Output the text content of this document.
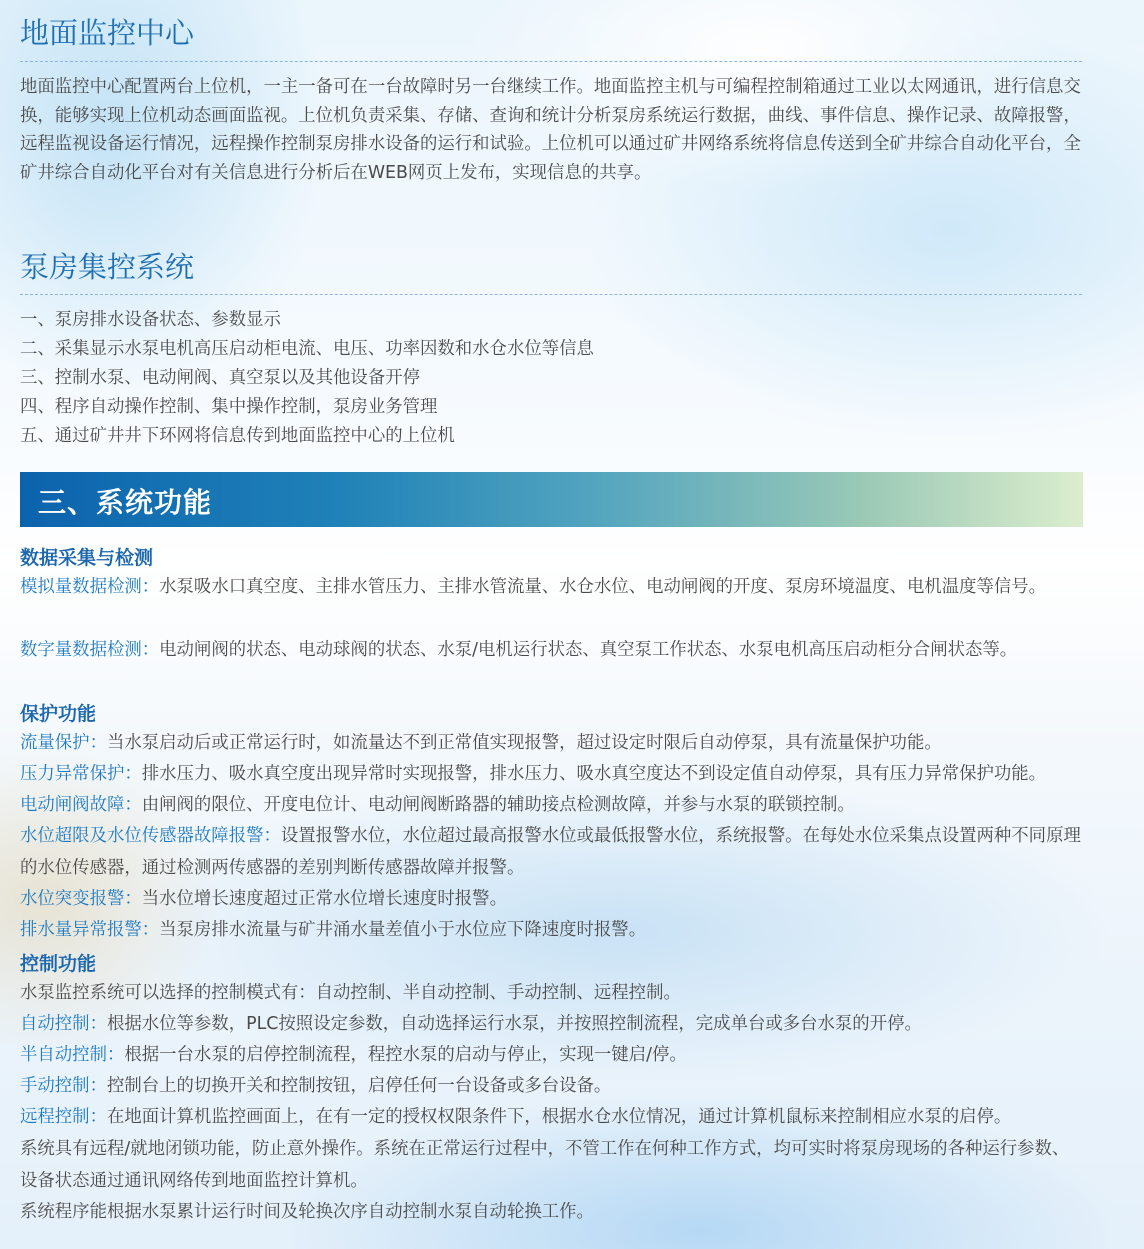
地面监控中心

地面监控中心配置两台上位机，一主一备可在一台故障时另一台继续工作。地面监控主机与可编程控制箱通过工业以太网通讯，进行信息交换，能够实现上位机动态画面监视。上位机负责采集、存储、查询和统计分析泵房系统运行数据，曲线、事件信息、操作记录、故障报警，远程监视设备运行情况，远程操作控制泵房排水设备的运行和试验。上位机可以通过矿井网络系统将信息传送到全矿井综合自动化平台，全矿井综合自动化平台对有关信息进行分析后在WEB网页上发布，实现信息的共享。

泵房集控系统
一、泵房排水设备状态、参数显示
二、采集显示水泵电机高压启动柜电流、电压、功率因数和水仓水位等信息
三、控制水泵、电动闸阀、真空泵以及其他设备开停
四、程序自动操作控制、集中操作控制，泵房业务管理
五、通过矿井井下环网将信息传到地面监控中心的上位机
三、系统功能
数据采集与检测

模拟量数据检测：水泵吸水口真空度、主排水管压力、主排水管流量、水仓水位、电动闸阀的开度、泵房环境温度、电机温度等信号。

数字量数据检测：电动闸阀的状态、电动球阀的状态、水泵/电机运行状态、真空泵工作状态、水泵电机高压启动柜分合闸状态等。

保护功能

流量保护：当水泵启动后或正常运行时，如流量达不到正常值实现报警，超过设定时限后自动停泵，具有流量保护功能。

压力异常保护：排水压力、吸水真空度出现异常时实现报警，排水压力、吸水真空度达不到设定值自动停泵，具有压力异常保护功能。

电动闸阀故障：由闸阀的限位、开度电位计、电动闸阀断路器的辅助接点检测故障，并参与水泵的联锁控制。

水位超限及水位传感器故障报警：设置报警水位，水位超过最高报警水位或最低报警水位，系统报警。在每处水位采集点设置两种不同原理的水位传感器，通过检测两传感器的差别判断传感器故障并报警。

水位突变报警：当水位增长速度超过正常水位增长速度时报警。

排水量异常报警：当泵房排水流量与矿井涌水量差值小于水位应下降速度时报警。

控制功能

水泵监控系统可以选择的控制模式有：自动控制、半自动控制、手动控制、远程控制。

自动控制：根据水位等参数，PLC按照设定参数，自动选择运行水泵，并按照控制流程，完成单台或多台水泵的开停。

半自动控制：根据一台水泵的启停控制流程，程控水泵的启动与停止，实现一键启/停。

手动控制：控制台上的切换开关和控制按钮，启停任何一台设备或多台设备。

远程控制：在地面计算机监控画面上，在有一定的授权权限条件下，根据水仓水位情况，通过计算机鼠标来控制相应水泵的启停。

系统具有远程/就地闭锁功能，防止意外操作。系统在正常运行过程中，不管工作在何种工作方式，均可实时将泵房现场的各种运行参数、设备状态通过通讯网络传到地面监控计算机。

系统程序能根据水泵累计运行时间及轮换次序自动控制水泵自动轮换工作。
